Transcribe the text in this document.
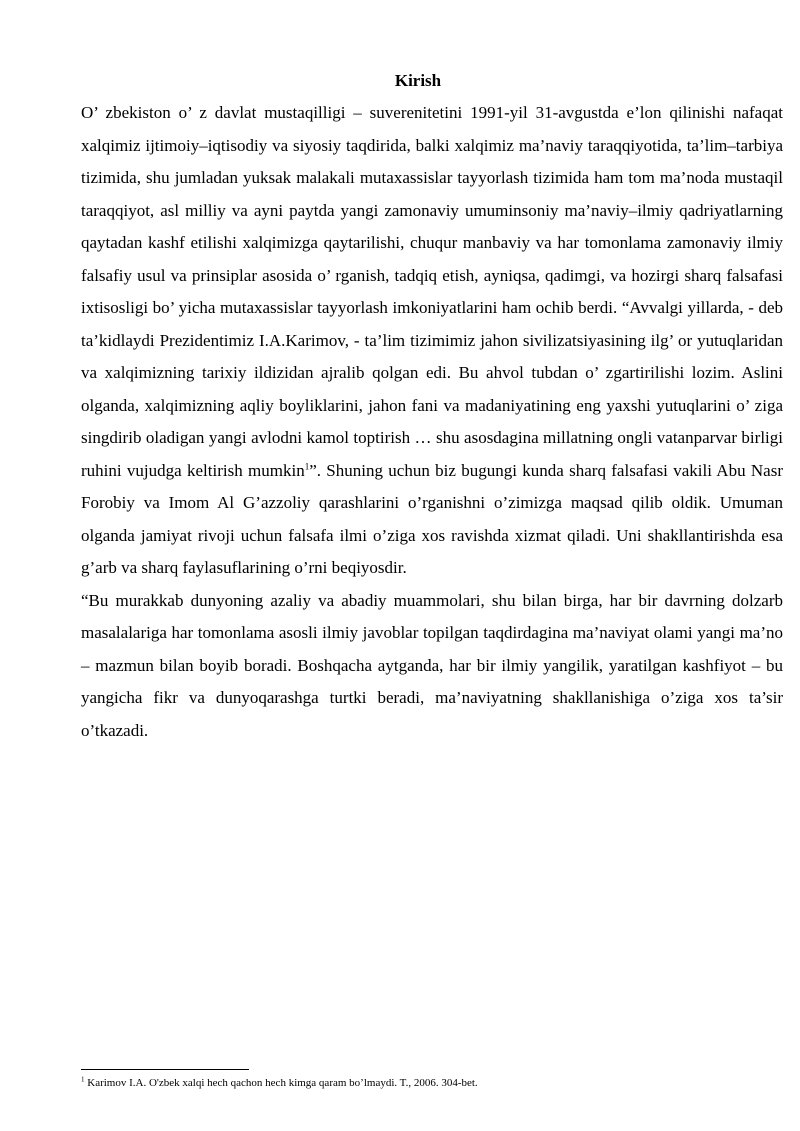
Kirish

O’ zbekiston o’ z davlat mustaqilligi – suverenitetini 1991-yil 31-avgustda e’lon qilinishi nafaqat xalqimiz ijtimoiy–iqtisodiy va siyosiy taqdirida, balki xalqimiz ma’naviy taraqqiyotida, ta’lim–tarbiya tizimida, shu jumladan yuksak malakali mutaxassislar tayyorlash tizimida ham tom ma’noda mustaqil taraqqiyot, asl milliy va ayni paytda yangi zamonaviy umuminsoniy ma’naviy–ilmiy qadriyatlarning qaytadan kashf etilishi xalqimizga qaytarilishi, chuqur manbaviy va har tomonlama zamonaviy ilmiy falsafiy usul va prinsiplar asosida o’ rganish, tadqiq etish, ayniqsa, qadimgi, va hozirgi sharq falsafasi ixtisosligi bo’ yicha mutaxassislar tayyorlash imkoniyatlarini ham ochib berdi. “Avvalgi yillarda, - deb ta’kidlaydi Prezidentimiz I.A.Karimov, - ta’lim tizimimiz jahon sivilizatsiyasining ilg’ or yutuqlaridan va xalqimizning tarixiy ildizidan ajralib qolgan edi. Bu ahvol tubdan o’ zgartirilishi lozim. Aslini olganda, xalqimizning aqliy boyliklarini, jahon fani va madaniyatining eng yaxshi yutuqlarini o’ ziga singdirib oladigan yangi avlodni kamol toptirish … shu asosdagina millatning ongli vatanparvar birligi ruhini vujudga keltirish mumkin$^1$”. Shuning uchun biz bugungi kunda sharq falsafasi vakili Abu Nasr Forobiy va Imom Al G’azzoliy qarashlarini o’rganishni o’zimizga maqsad qilib oldik. Umuman olganda jamiyat rivoji uchun falsafa ilmi o’ziga xos ravishda xizmat qiladi. Uni shakllantirishda esa g’arb va sharq faylasuflarining o’rni beqiyosdir.

“Bu murakkab dunyoning azaliy va abadiy muammolari, shu bilan birga, har bir davrning dolzarb masalalariga har tomonlama asosli ilmiy javoblar topilgan taqdirdagina ma’naviyat olami yangi ma’no – mazmun bilan boyib boradi. Boshqacha aytganda, har bir ilmiy yangilik, yaratilgan kashfiyot – bu yangicha fikr va dunyoqarashga turtki beradi, ma’naviyatning shakllanishiga o’ziga xos ta’sir o’tkazadi.

$^1$ Karimov I.A. O'zbek xalqi hech qachon hech kimga qaram bo’lmaydi. T., 2006. 304-bet.
